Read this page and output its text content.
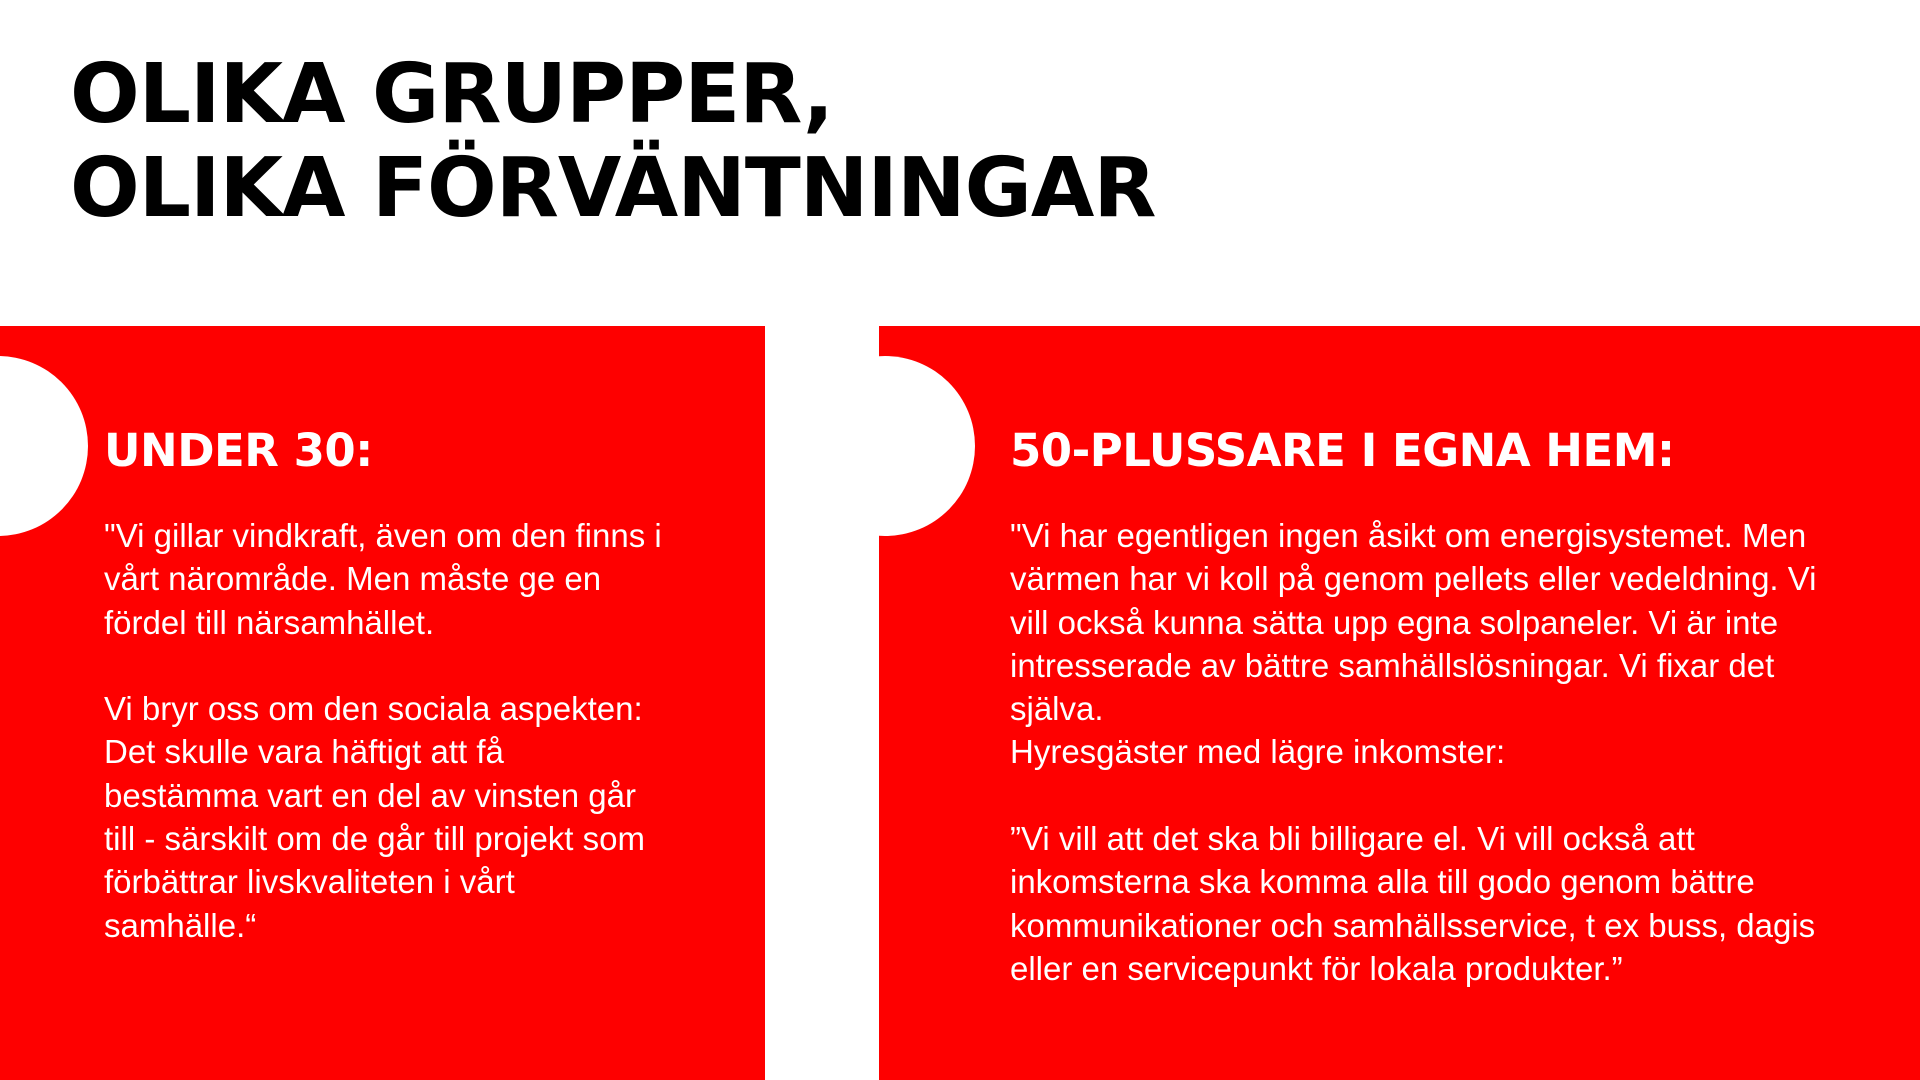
OLIKA GRUPPER,
OLIKA FÖRVÄNTNINGAR
UNDER 30:
"Vi gillar vindkraft, även om den finns i
vårt närområde. Men måste ge en
fördel till närsamhället.
Vi bryr oss om den sociala aspekten:
Det skulle vara häftigt att få
bestämma vart en del av vinsten går
till - särskilt om de går till projekt som
förbättrar livskvaliteten i vårt
samhälle.“
50-PLUSSARE I EGNA HEM:
"Vi har egentligen ingen åsikt om energisystemet. Men
värmen har vi koll på genom pellets eller vedeldning. Vi
vill också kunna sätta upp egna solpaneler. Vi är inte
intresserade av bättre samhällslösningar. Vi fixar det
själva.
Hyresgäster med lägre inkomster:
”Vi vill att det ska bli billigare el. Vi vill också att
inkomsterna ska komma alla till godo genom bättre
kommunikationer och samhällsservice, t ex buss, dagis
eller en servicepunkt för lokala produkter.”
